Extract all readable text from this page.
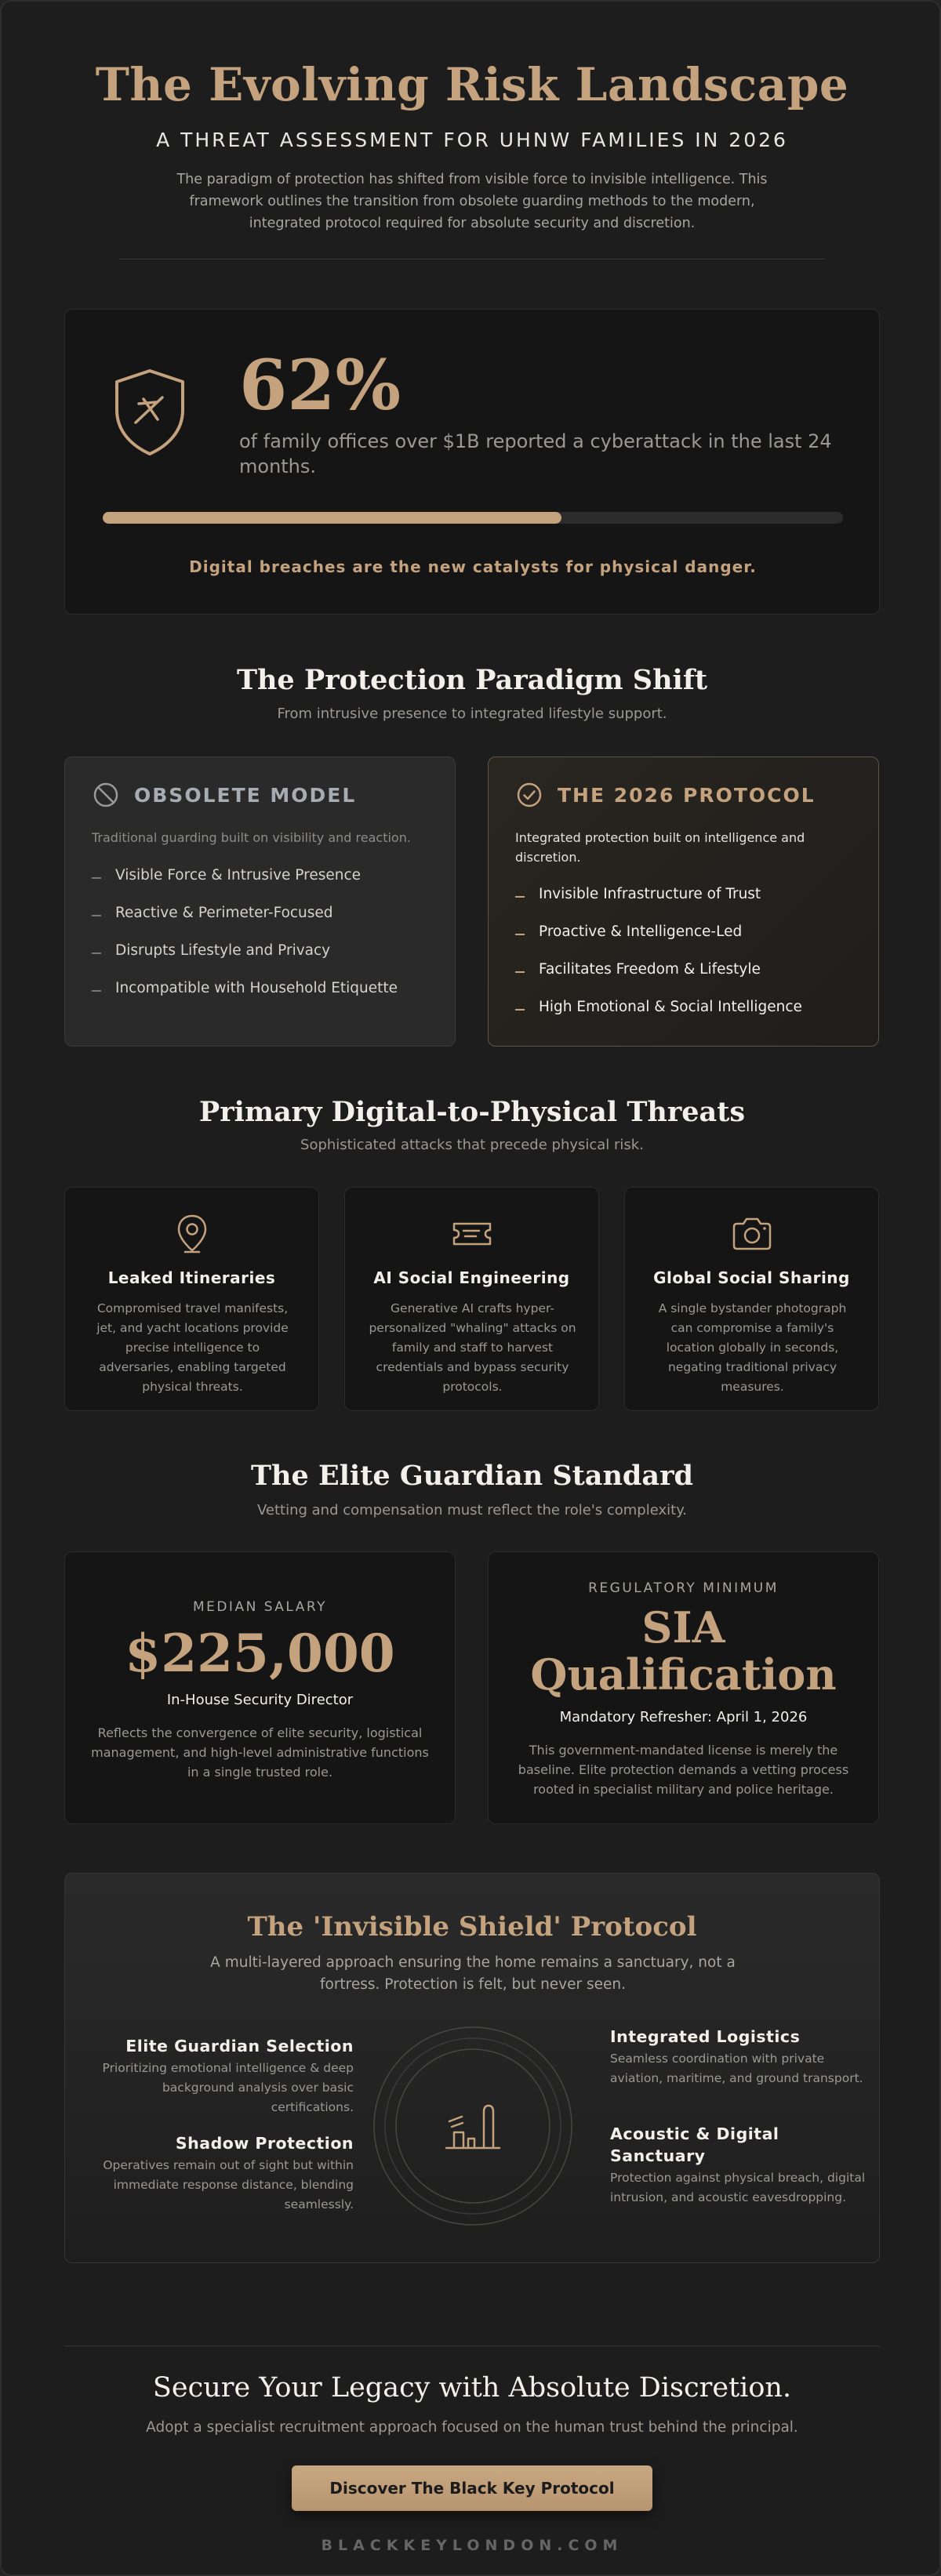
The Evolving Risk Landscape
A THREAT ASSESSMENT FOR UHNW FAMILIES IN 2026
The paradigm of protection has shifted from visible force to invisible intelligence. This framework outlines the transition from obsolete guarding methods to the modern, integrated protocol required for absolute security and discretion.
62%
of family offices over $1B reported a cyberattack in the last 24 months.
Digital breaches are the new catalysts for physical danger.
The Protection Paradigm Shift
From intrusive presence to integrated lifestyle support.
OBSOLETE MODEL
Traditional guarding built on visibility and reaction.
Visible Force & Intrusive Presence
Reactive & Perimeter-Focused
Disrupts Lifestyle and Privacy
Incompatible with Household Etiquette
THE 2026 PROTOCOL
Integrated protection built on intelligence and discretion.
Invisible Infrastructure of Trust
Proactive & Intelligence-Led
Facilitates Freedom & Lifestyle
High Emotional & Social Intelligence
Primary Digital-to-Physical Threats
Sophisticated attacks that precede physical risk.
Leaked Itineraries
Compromised travel manifests, jet, and yacht locations provide precise intelligence to adversaries, enabling targeted physical threats.
AI Social Engineering
Generative AI crafts hyper-personalized "whaling" attacks on family and staff to harvest credentials and bypass security protocols.
Global Social Sharing
A single bystander photograph can compromise a family's location globally in seconds, negating traditional privacy measures.
The Elite Guardian Standard
Vetting and compensation must reflect the role's complexity.
MEDIAN SALARY
$225,000
In-House Security Director
Reflects the convergence of elite security, logistical management, and high-level administrative functions in a single trusted role.
REGULATORY MINIMUM
SIA
Qualification
Mandatory Refresher: April 1, 2026
This government-mandated license is merely the baseline. Elite protection demands a vetting process rooted in specialist military and police heritage.
The 'Invisible Shield' Protocol
A multi-layered approach ensuring the home remains a sanctuary, not a fortress. Protection is felt, but never seen.
Elite Guardian Selection
Prioritizing emotional intelligence & deep background analysis over basic certifications.
Shadow Protection
Operatives remain out of sight but within immediate response distance, blending seamlessly.
Integrated Logistics
Seamless coordination with private aviation, maritime, and ground transport.
Acoustic & Digital Sanctuary
Protection against physical breach, digital intrusion, and acoustic eavesdropping.
Secure Your Legacy with Absolute Discretion.
Adopt a specialist recruitment approach focused on the human trust behind the principal.
Discover The Black Key Protocol
BLACKKEYLONDON.COM
